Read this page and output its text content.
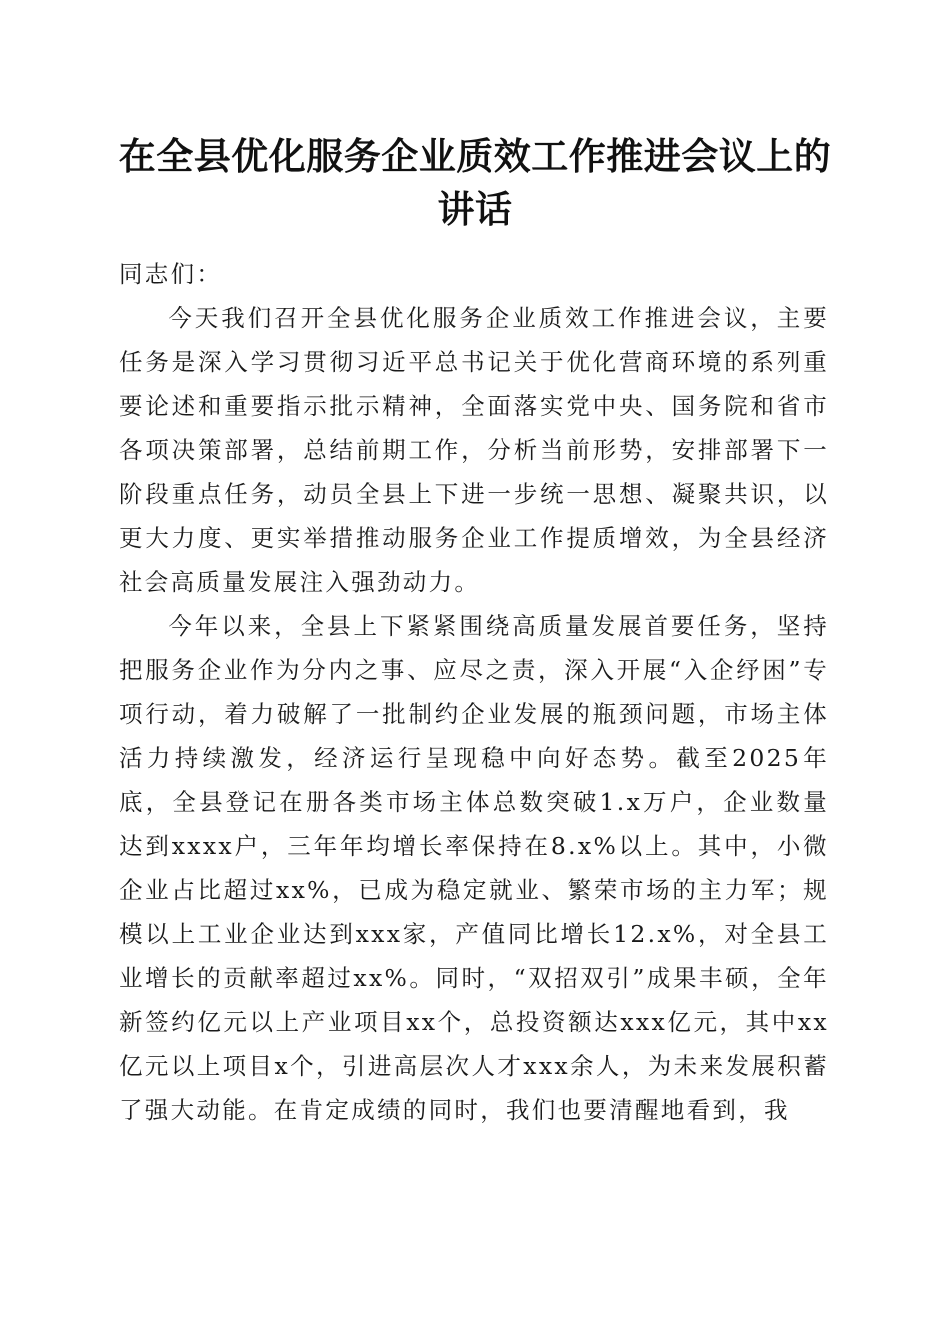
在全县优化服务企业质效工作推进会议上的讲话

同志们：

今天我们召开全县优化服务企业质效工作推进会议，主要任务是深入学习贯彻习近平总书记关于优化营商环境的系列重要论述和重要指示批示精神，全面落实党中央、国务院和省市各项决策部署，总结前期工作，分析当前形势，安排部署下一阶段重点任务，动员全县上下进一步统一思想、凝聚共识，以更大力度、更实举措推动服务企业工作提质增效，为全县经济社会高质量发展注入强劲动力。

今年以来，全县上下紧紧围绕高质量发展首要任务，坚持把服务企业作为分内之事、应尽之责，深入开展“入企纾困”专项行动，着力破解了一批制约企业发展的瓶颈问题，市场主体活力持续激发，经济运行呈现稳中向好态势。截至2025年底，全县登记在册各类市场主体总数突破1.x万户，企业数量达到xxxx户，三年年均增长率保持在8.x%以上。其中，小微企业占比超过xx%，已成为稳定就业、繁荣市场的主力军；规模以上工业企业达到xxx家，产值同比增长12.x%，对全县工业增长的贡献率超过xx%。同时，“双招双引”成果丰硕，全年新签约亿元以上产业项目xx个，总投资额达xxx亿元，其中xx亿元以上项目x个，引进高层次人才xxx余人，为未来发展积蓄了强大动能。在肯定成绩的同时，我们也要清醒地看到，我
